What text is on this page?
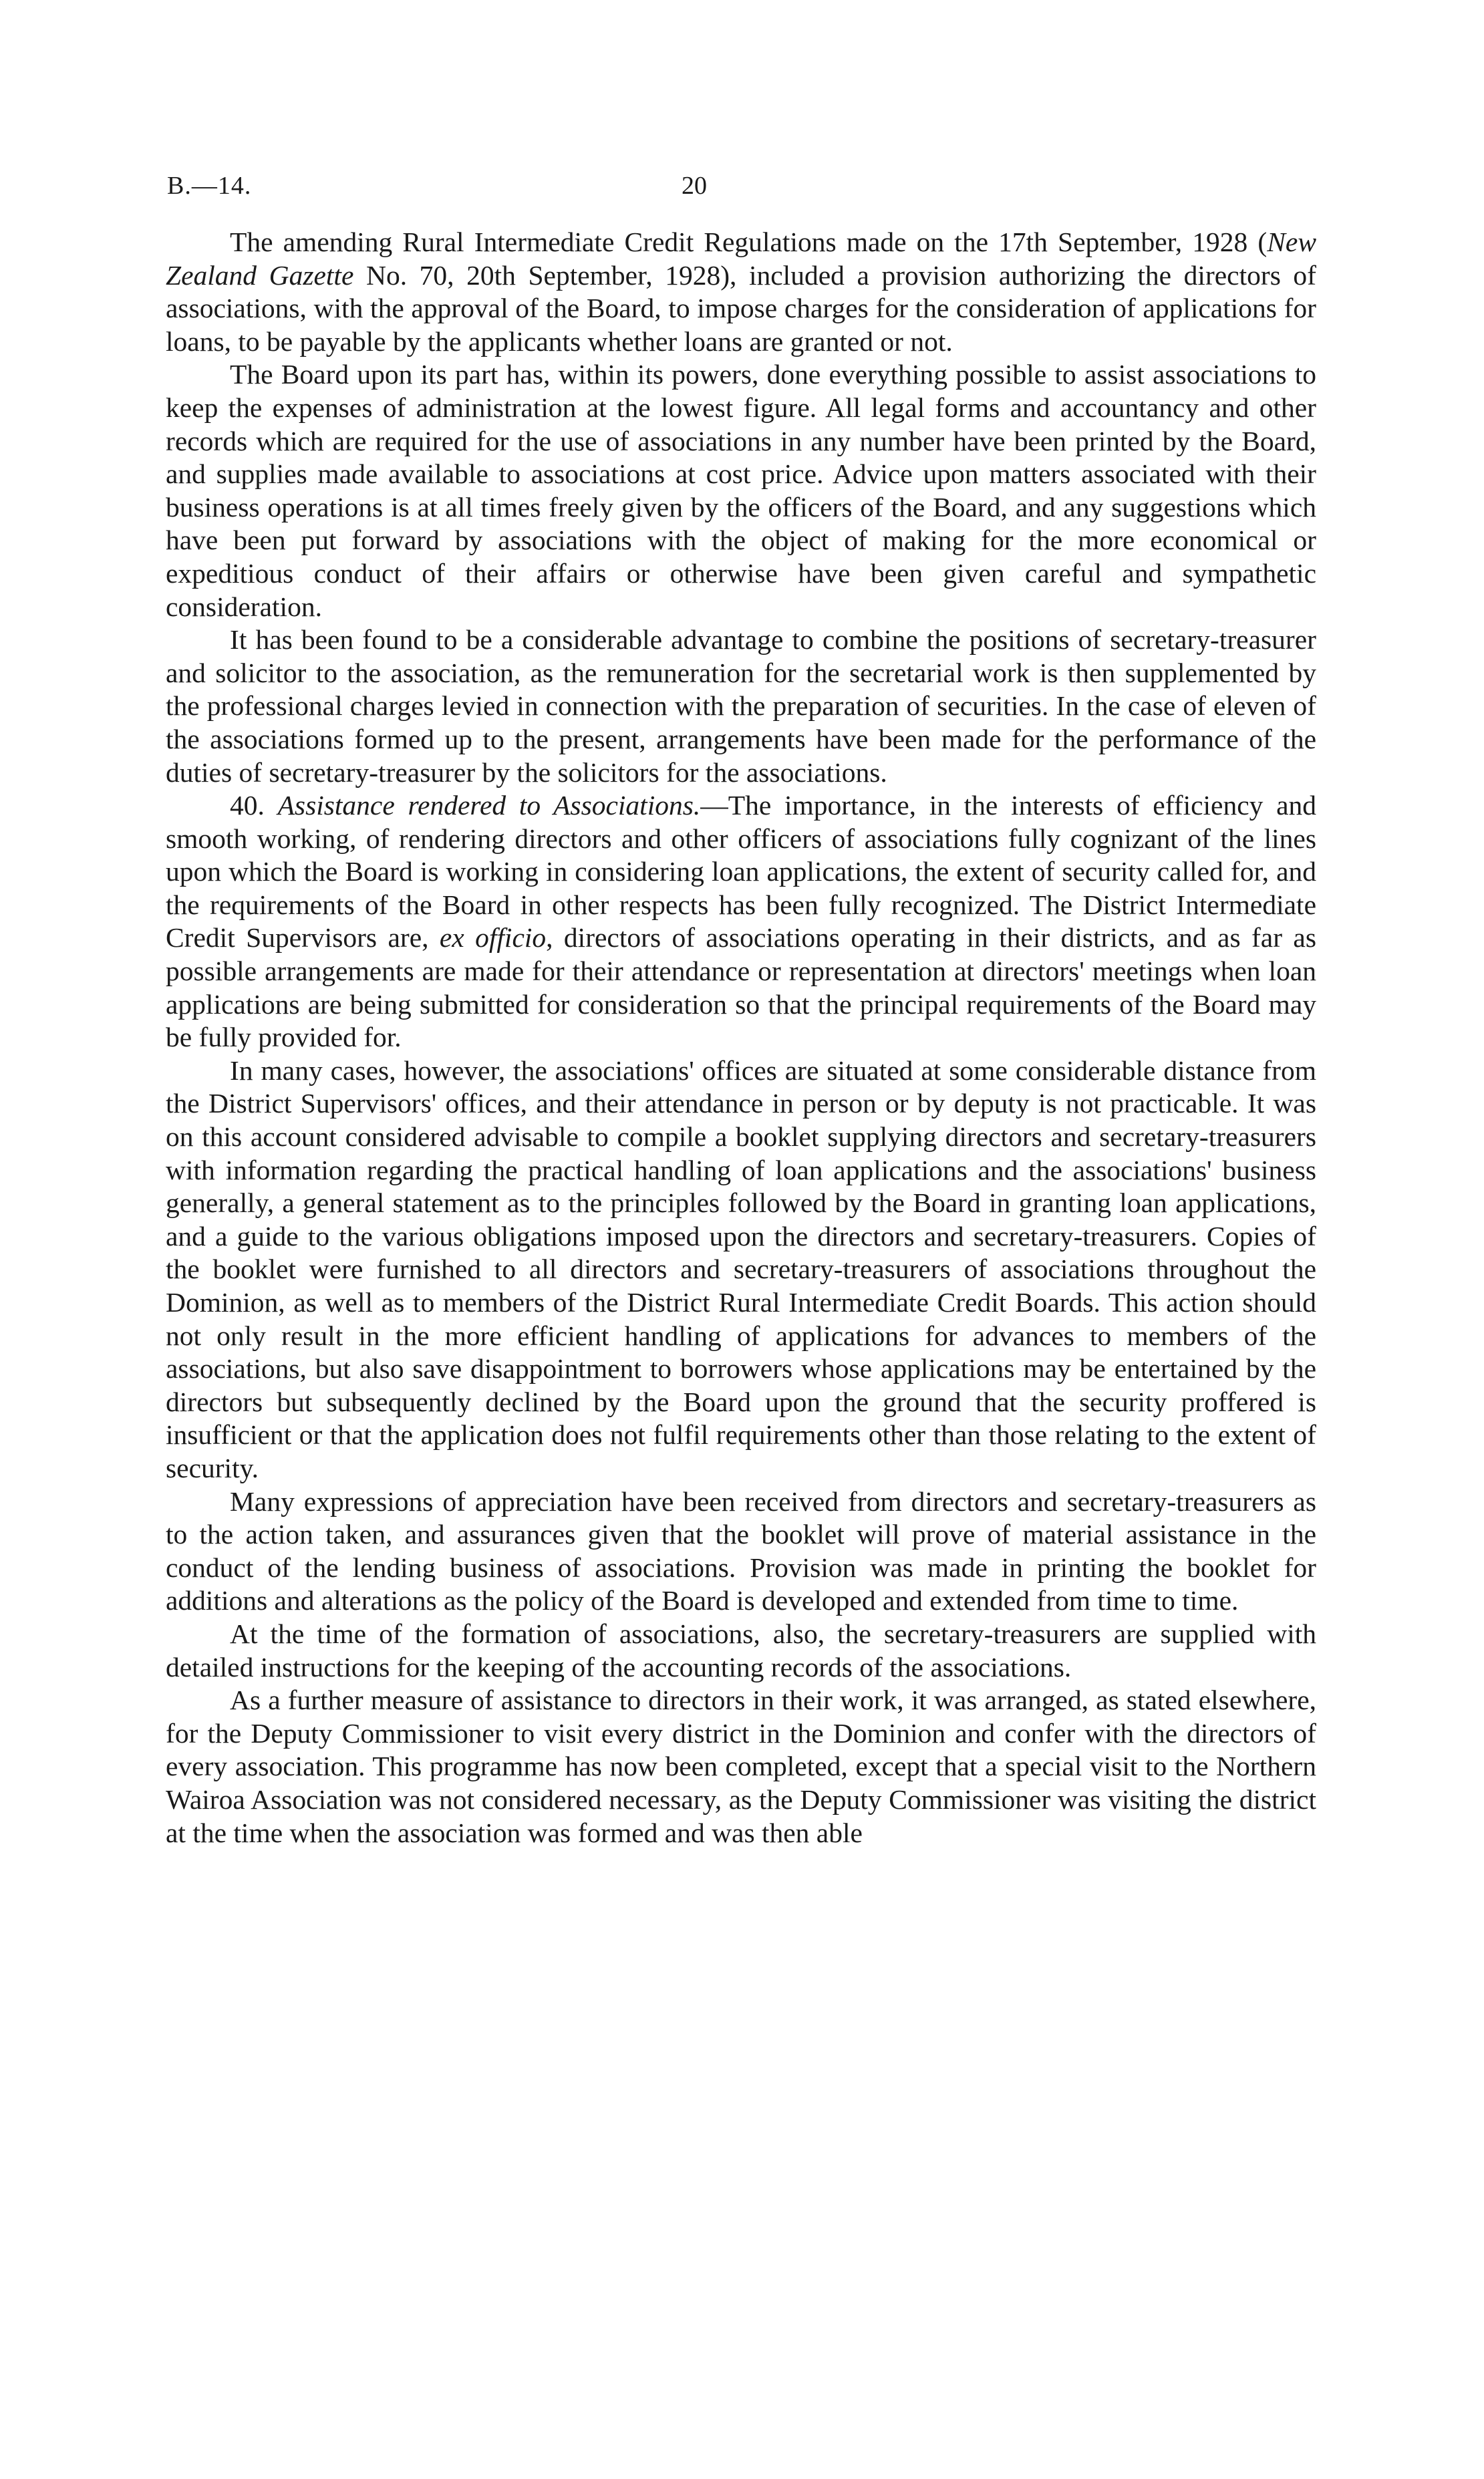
B.—14.	20

The amending Rural Intermediate Credit Regulations made on the 17th September, 1928 (New Zealand Gazette No. 70, 20th September, 1928), included a provision authorizing the directors of associations, with the approval of the Board, to impose charges for the consideration of applications for loans, to be payable by the applicants whether loans are granted or not.

The Board upon its part has, within its powers, done everything possible to assist associations to keep the expenses of administration at the lowest figure. All legal forms and accountancy and other records which are required for the use of associations in any number have been printed by the Board, and supplies made available to associations at cost price. Advice upon matters associated with their business operations is at all times freely given by the officers of the Board, and any suggestions which have been put forward by associations with the object of making for the more economical or expeditious conduct of their affairs or otherwise have been given careful and sympathetic consideration.

It has been found to be a considerable advantage to combine the positions of secretary-treasurer and solicitor to the association, as the remuneration for the secretarial work is then supplemented by the professional charges levied in connection with the preparation of securities. In the case of eleven of the associations formed up to the present, arrangements have been made for the performance of the duties of secretary-treasurer by the solicitors for the associations.

40. Assistance rendered to Associations.—The importance, in the interests of efficiency and smooth working, of rendering directors and other officers of associations fully cognizant of the lines upon which the Board is working in considering loan applications, the extent of security called for, and the requirements of the Board in other respects has been fully recognized. The District Intermediate Credit Supervisors are, ex officio, directors of associations operating in their districts, and as far as possible arrangements are made for their attendance or representation at directors' meetings when loan applications are being submitted for consideration so that the principal requirements of the Board may be fully provided for.

In many cases, however, the associations' offices are situated at some considerable distance from the District Supervisors' offices, and their attendance in person or by deputy is not practicable. It was on this account considered advisable to compile a booklet supplying directors and secretary-treasurers with information regarding the practical handling of loan applications and the associations' business generally, a general statement as to the principles followed by the Board in granting loan applications, and a guide to the various obligations imposed upon the directors and secretary-treasurers. Copies of the booklet were furnished to all directors and secretary-treasurers of associations throughout the Dominion, as well as to members of the District Rural Intermediate Credit Boards. This action should not only result in the more efficient handling of applications for advances to members of the associations, but also save disappointment to borrowers whose applications may be entertained by the directors but subsequently declined by the Board upon the ground that the security proffered is insufficient or that the application does not fulfil requirements other than those relating to the extent of security.

Many expressions of appreciation have been received from directors and secretary-treasurers as to the action taken, and assurances given that the booklet will prove of material assistance in the conduct of the lending business of associations. Provision was made in printing the booklet for additions and alterations as the policy of the Board is developed and extended from time to time.

At the time of the formation of associations, also, the secretary-treasurers are supplied with detailed instructions for the keeping of the accounting records of the associations.

As a further measure of assistance to directors in their work, it was arranged, as stated elsewhere, for the Deputy Commissioner to visit every district in the Dominion and confer with the directors of every association. This programme has now been completed, except that a special visit to the Northern Wairoa Association was not considered necessary, as the Deputy Commissioner was visiting the district at the time when the association was formed and was then able
